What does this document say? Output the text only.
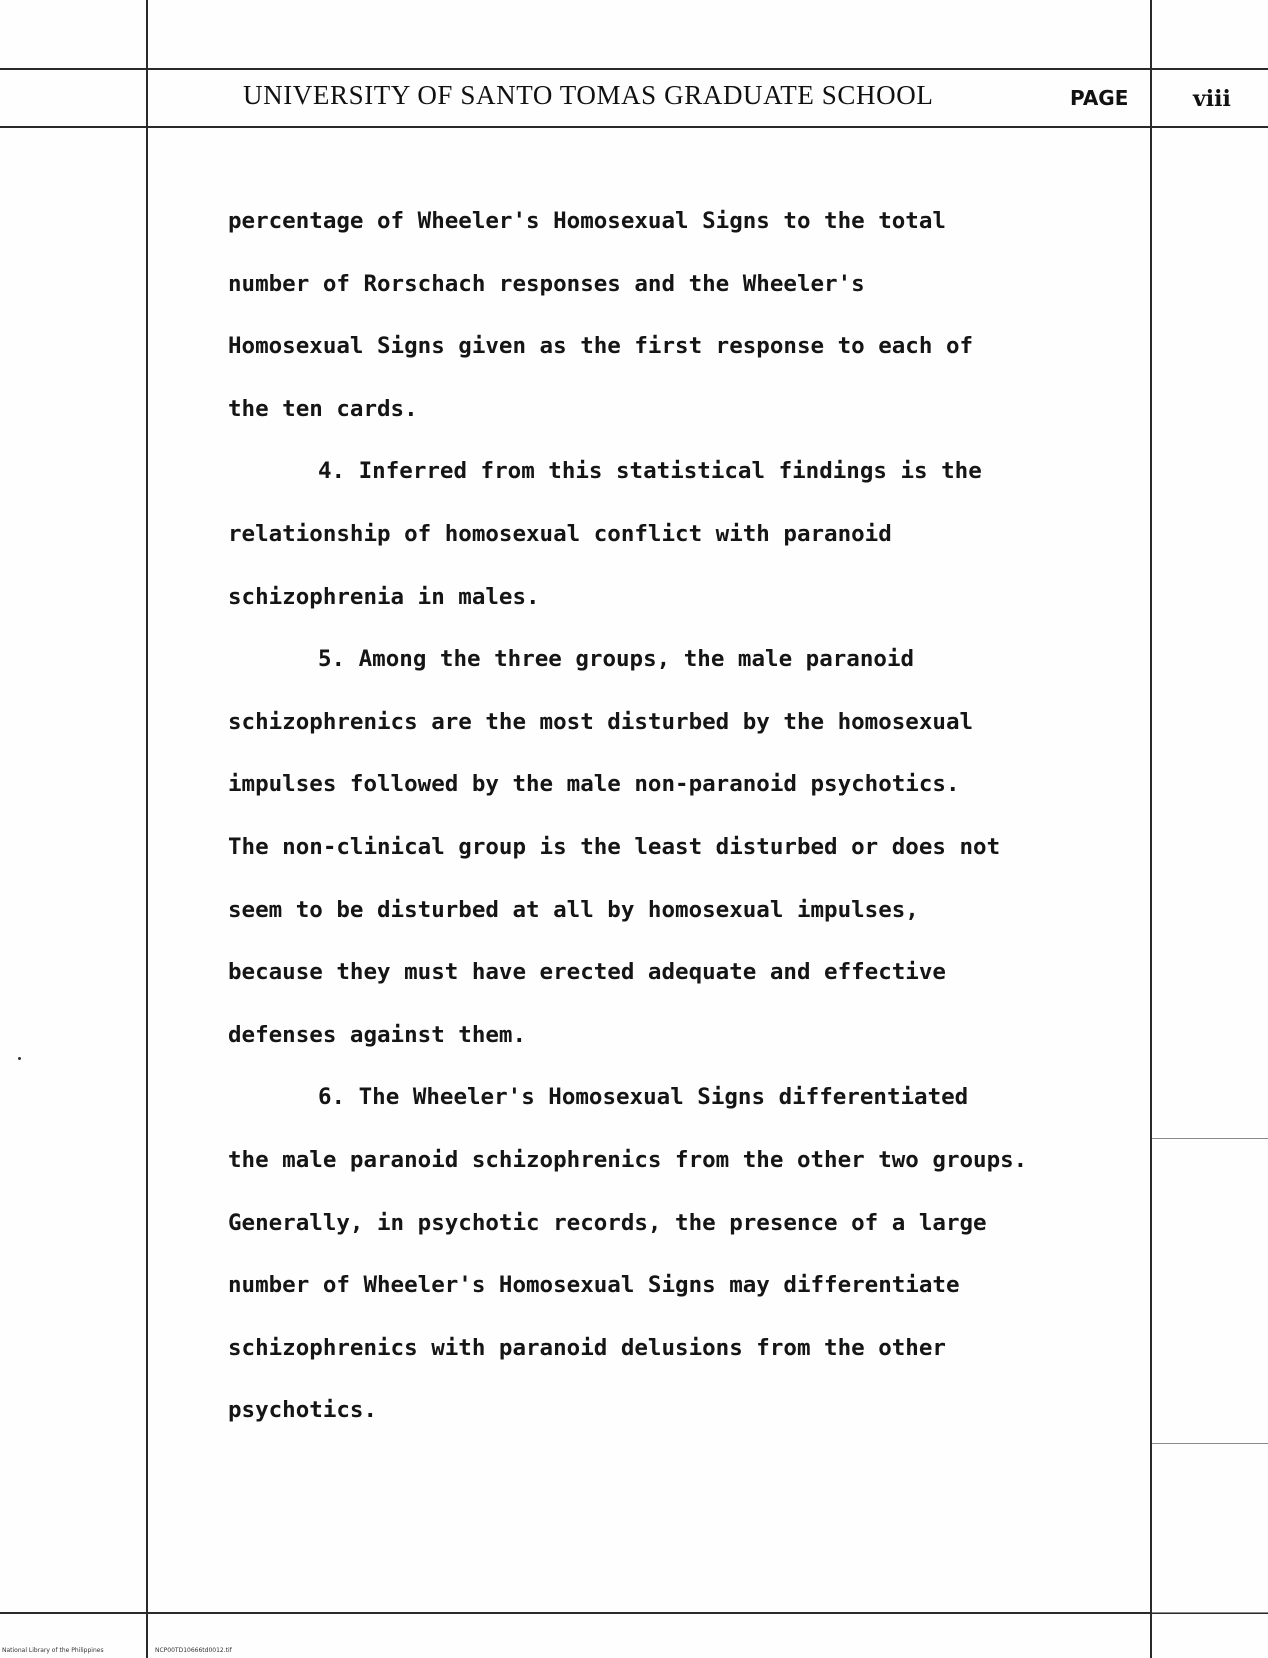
UNIVERSITY OF SANTO TOMAS GRADUATE SCHOOL	PAGE	viii
percentage of Wheeler's Homosexual Signs to the total
number of Rorschach responses and the Wheeler's
Homosexual Signs given as the first response to each of
the ten cards.
4. Inferred from this statistical findings is the
relationship of homosexual conflict with paranoid
schizophrenia in males.
5. Among the three groups, the male paranoid
schizophrenics are the most disturbed by the homosexual
impulses followed by the male non-paranoid psychotics.
The non-clinical group is the least disturbed or does not
seem to be disturbed at all by homosexual impulses,
because they must have erected adequate and effective
defenses against them.
6. The Wheeler's Homosexual Signs differentiated
the male paranoid schizophrenics from the other two groups.
Generally, in psychotic records, the presence of a large
number of Wheeler's Homosexual Signs may differentiate
schizophrenics with paranoid delusions from the other
psychotics.
National Library of the Philippines	NCP00TD10666td0012.tif
